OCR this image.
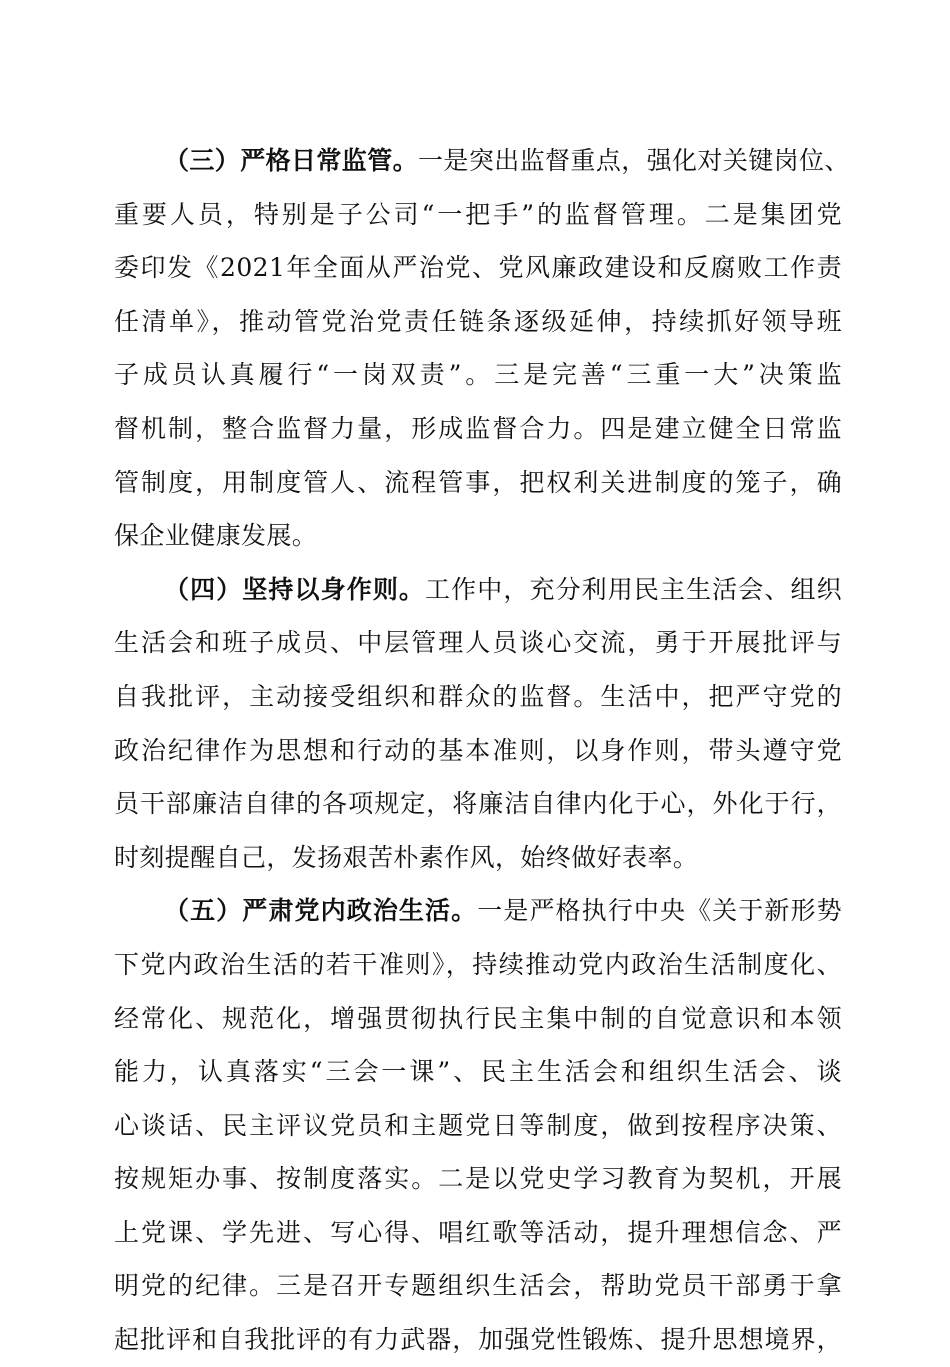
（三）严格日常监管。一是突出监督重点，强化对关键岗位、
重要人员，特别是子公司“一把手”的监督管理。二是集团党
委印发《2021年全面从严治党、党风廉政建设和反腐败工作责
任清单》，推动管党治党责任链条逐级延伸，持续抓好领导班
子成员认真履行“一岗双责”。三是完善“三重一大”决策监
督机制，整合监督力量，形成监督合力。四是建立健全日常监
管制度，用制度管人、流程管事，把权利关进制度的笼子，确
保企业健康发展。
（四）坚持以身作则。工作中，充分利用民主生活会、组织
生活会和班子成员、中层管理人员谈心交流，勇于开展批评与
自我批评，主动接受组织和群众的监督。生活中，把严守党的
政治纪律作为思想和行动的基本准则，以身作则，带头遵守党
员干部廉洁自律的各项规定，将廉洁自律内化于心，外化于行，
时刻提醒自己，发扬艰苦朴素作风，始终做好表率。
（五）严肃党内政治生活。一是严格执行中央《关于新形势
下党内政治生活的若干准则》，持续推动党内政治生活制度化、
经常化、规范化，增强贯彻执行民主集中制的自觉意识和本领
能力，认真落实“三会一课”、民主生活会和组织生活会、谈
心谈话、民主评议党员和主题党日等制度，做到按程序决策、
按规矩办事、按制度落实。二是以党史学习教育为契机，开展
上党课、学先进、写心得、唱红歌等活动，提升理想信念、严
明党的纪律。三是召开专题组织生活会，帮助党员干部勇于拿
起批评和自我批评的有力武器，加强党性锻炼、提升思想境界，
